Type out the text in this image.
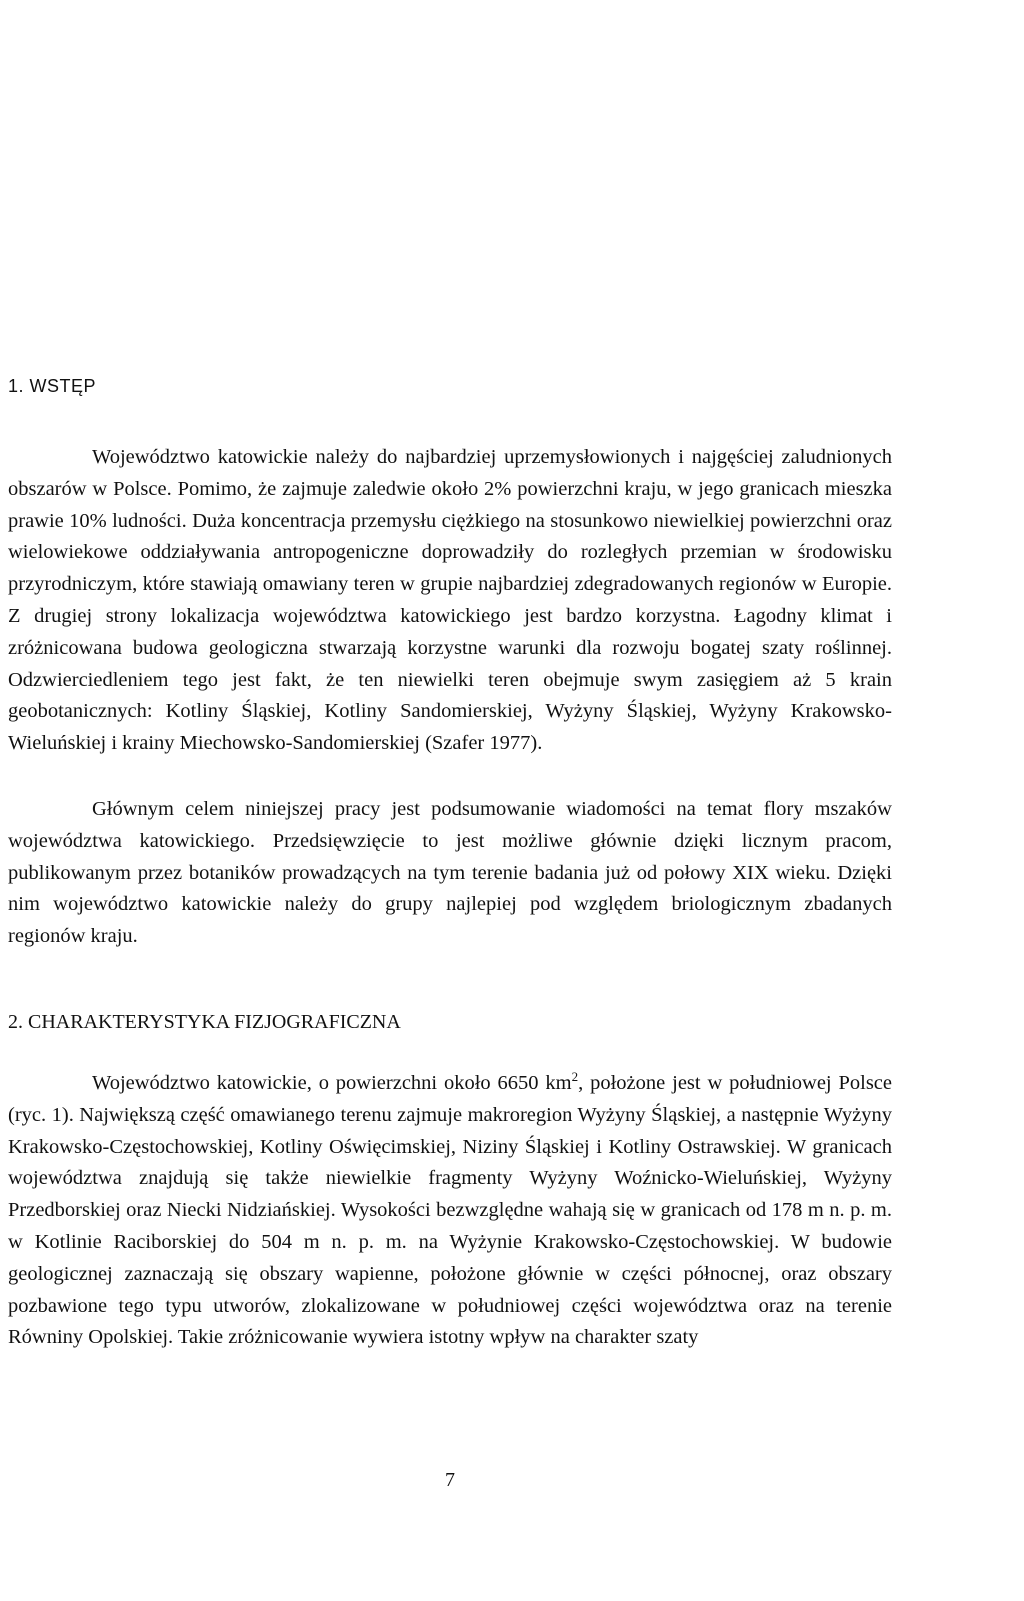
1. WSTĘP

Województwo katowickie należy do najbardziej uprzemysłowionych i najgęściej zaludnionych obszarów w Polsce. Pomimo, że zajmuje zaledwie około 2% powierzchni kraju, w jego granicach mieszka prawie 10% ludności. Duża koncentracja przemysłu ciężkiego na stosunkowo niewielkiej powierzchni oraz wielowiekowe oddziaływania antropogeniczne doprowadziły do rozległych przemian w środowisku przyrodniczym, które stawiają omawiany teren w grupie najbardziej zdegradowanych regionów w Europie. Z drugiej strony lokalizacja województwa katowickiego jest bardzo korzystna. Łagodny klimat i zróżnicowana budowa geologiczna stwarzają korzystne warunki dla rozwoju bogatej szaty roślinnej. Odzwierciedleniem tego jest fakt, że ten niewielki teren obejmuje swym zasięgiem aż 5 krain geobotanicznych: Kotliny Śląskiej, Kotliny Sandomierskiej, Wyżyny Śląskiej, Wyżyny Krakowsko-Wieluńskiej i krainy Miechowsko-Sandomierskiej (Szafer 1977).

Głównym celem niniejszej pracy jest podsumowanie wiadomości na temat flory mszaków województwa katowickiego. Przedsięwzięcie to jest możliwe głównie dzięki licznym pracom, publikowanym przez botaników prowadzących na tym terenie badania już od połowy XIX wieku. Dzięki nim województwo katowickie należy do grupy najlepiej pod względem briologicznym zbadanych regionów kraju.

2. CHARAKTERYSTYKA FIZJOGRAFICZNA

Województwo katowickie, o powierzchni około 6650 $km^2$, położone jest w południowej Polsce (ryc. 1). Największą część omawianego terenu zajmuje makroregion Wyżyny Śląskiej, a następnie Wyżyny Krakowsko-Częstochowskiej, Kotliny Oświęcimskiej, Niziny Śląskiej i Kotliny Ostrawskiej. W granicach województwa znajdują się także niewielkie fragmenty Wyżyny Woźnicko-Wieluńskiej, Wyżyny Przedborskiej oraz Niecki Nidziańskiej. Wysokości bezwzględne wahają się w granicach od 178 m n. p. m. w Kotlinie Raciborskiej do 504 m n. p. m. na Wyżynie Krakowsko-Częstochowskiej. W budowie geologicznej zaznaczają się obszary wapienne, położone głównie w części północnej, oraz obszary pozbawione tego typu utworów, zlokalizowane w południowej części województwa oraz na terenie Równiny Opolskiej. Takie zróżnicowanie wywiera istotny wpływ na charakter szaty

7
